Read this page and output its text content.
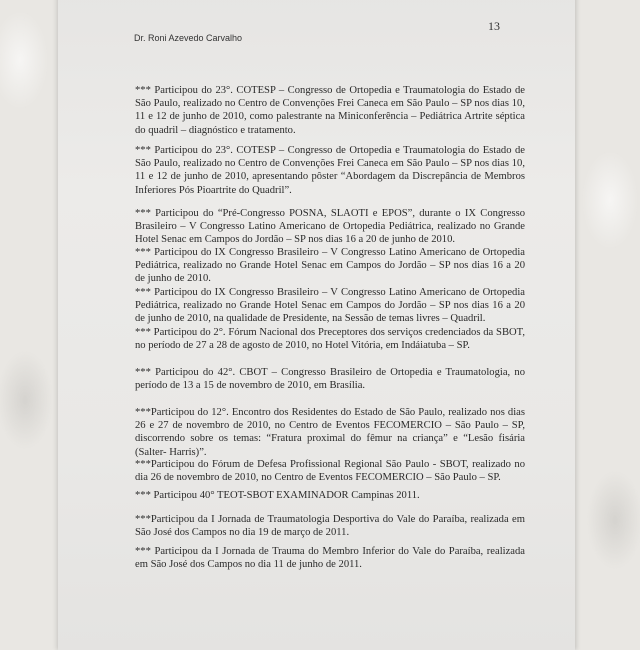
Dr. Roni Azevedo Carvalho
13
*** Participou do 23°. COTESP – Congresso de Ortopedia e Traumatologia do Estado de
São Paulo, realizado no Centro de Convenções Frei Caneca em São Paulo – SP nos dias 10,
11 e 12 de junho de 2010, como palestrante na Miniconferência – Pediátrica Artrite séptica
do quadril – diagnóstico e tratamento.
*** Participou do 23°. COTESP – Congresso de Ortopedia e Traumatologia do Estado de
São Paulo, realizado no Centro de Convenções Frei Caneca em São Paulo – SP nos dias 10,
11 e 12 de junho de 2010, apresentando pôster “Abordagem da Discrepância de Membros
Inferiores Pós Pioartrite do Quadril”.
*** Participou do “Pré-Congresso POSNA, SLAOTI e EPOS”, durante o IX Congresso
Brasileiro – V Congresso Latino Americano de Ortopedia Pediátrica, realizado no Grande
Hotel Senac em Campos do Jordão – SP nos dias 16 a 20 de junho de 2010.
*** Participou do IX Congresso Brasileiro – V Congresso Latino Americano de Ortopedia
Pediátrica, realizado no Grande Hotel Senac em Campos do Jordão – SP nos dias 16 a 20
de junho de 2010.
*** Participou do IX Congresso Brasileiro – V Congresso Latino Americano de Ortopedia
Pediátrica, realizado no Grande Hotel Senac em Campos do Jordão – SP nos dias 16 a 20
de junho de 2010, na qualidade de Presidente, na Sessão de temas livres – Quadril.
*** Participou do 2°. Fórum Nacional dos Preceptores dos serviços credenciados da SBOT,
no período de 27 a 28 de agosto de 2010, no Hotel Vitória, em Indáiatuba – SP.
*** Participou do 42°. CBOT – Congresso Brasileiro de Ortopedia e Traumatologia, no
período de 13 a 15 de novembro de 2010, em Brasília.
***Participou do 12°. Encontro dos Residentes do Estado de São Paulo, realizado nos dias
26 e 27 de novembro de 2010, no Centro de Eventos FECOMERCIO – São Paulo – SP,
discorrendo sobre os temas: “Fratura proximal do fêmur na criança” e “Lesão fisária
(Salter- Harris)”.
***Participou do Fórum de Defesa Profissional Regional São Paulo - SBOT, realizado no
dia 26 de novembro de 2010, no Centro de Eventos FECOMERCIO – São Paulo – SP.
*** Participou 40° TEOT-SBOT EXAMINADOR Campinas 2011.
***Participou da I Jornada de Traumatologia Desportiva do Vale do Paraíba, realizada em
São José dos Campos no dia 19 de março de 2011.
*** Participou da I Jornada de Trauma do Membro Inferior do Vale do Paraíba, realizada
em São José dos Campos no dia 11 de junho de 2011.
